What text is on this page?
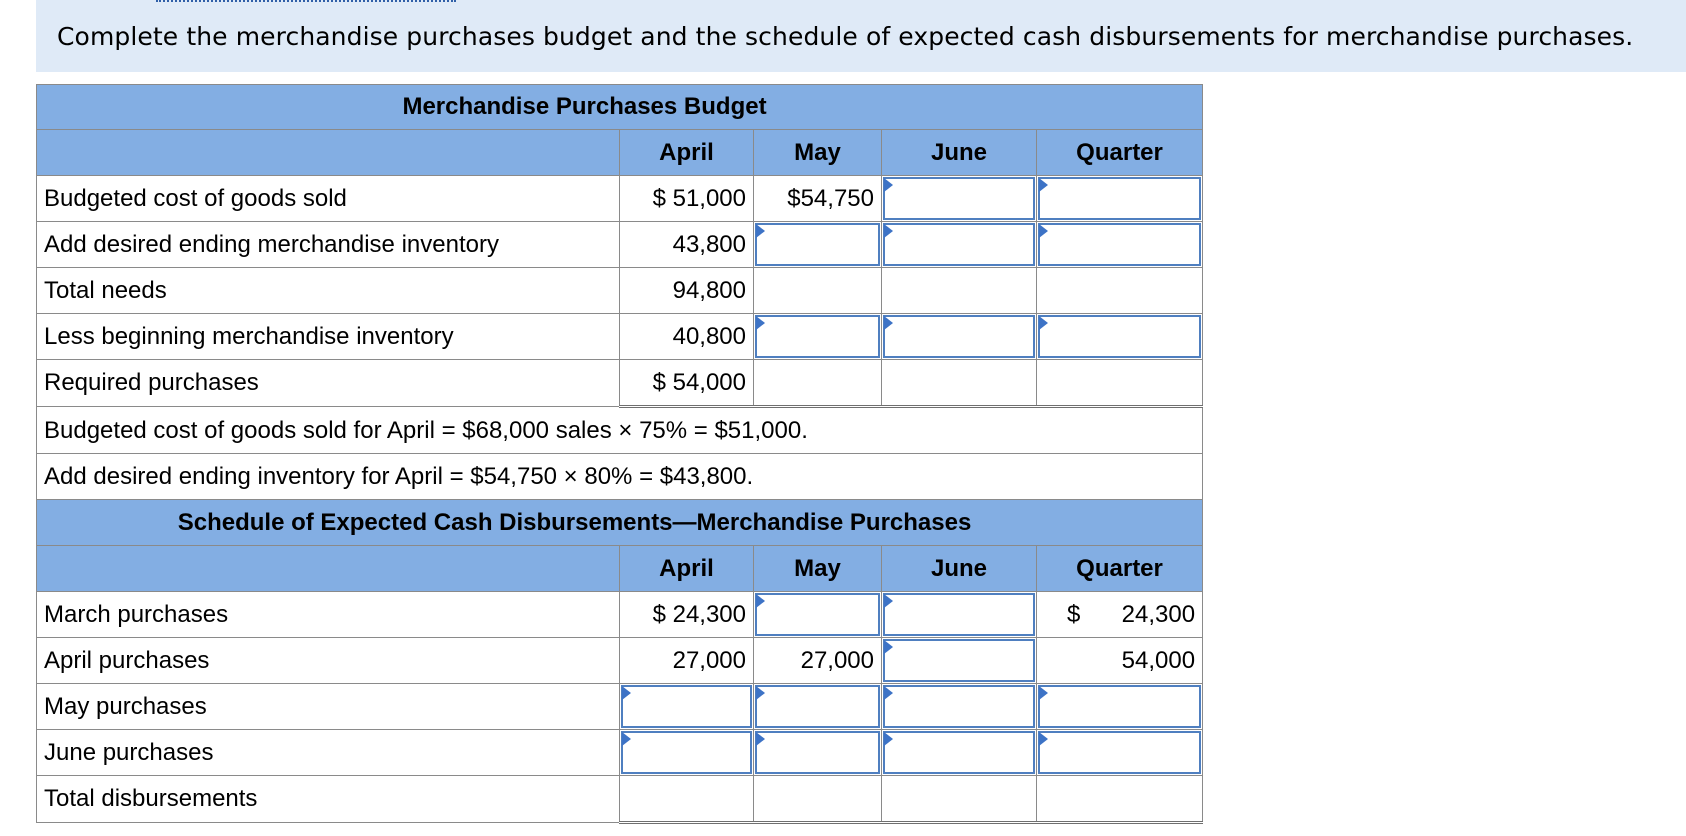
Complete the merchandise purchases budget and the schedule of expected cash disbursements for merchandise purchases.
Merchandise Purchases Budget				
	April	May	June	Quarter
Budgeted cost of goods sold	$ 51,000	$54,750	

Add desired ending merchandise inventory	43,800	

Total needs	94,800			
Less beginning merchandise inventory	40,800	

Required purchases	$ 54,000			
Budgeted cost of goods sold for April = $68,000 sales × 75% = $51,000.				
Add desired ending inventory for April = $54,750 × 80% = $43,800.				
Schedule of Expected Cash Disbursements—Merchandise Purchases				
	April	May	June	Quarter
March purchases	$ 24,300			$ 24,300

April purchases	27,000	27,000		54,000
May purchases	

June purchases	

Total disbursements				
